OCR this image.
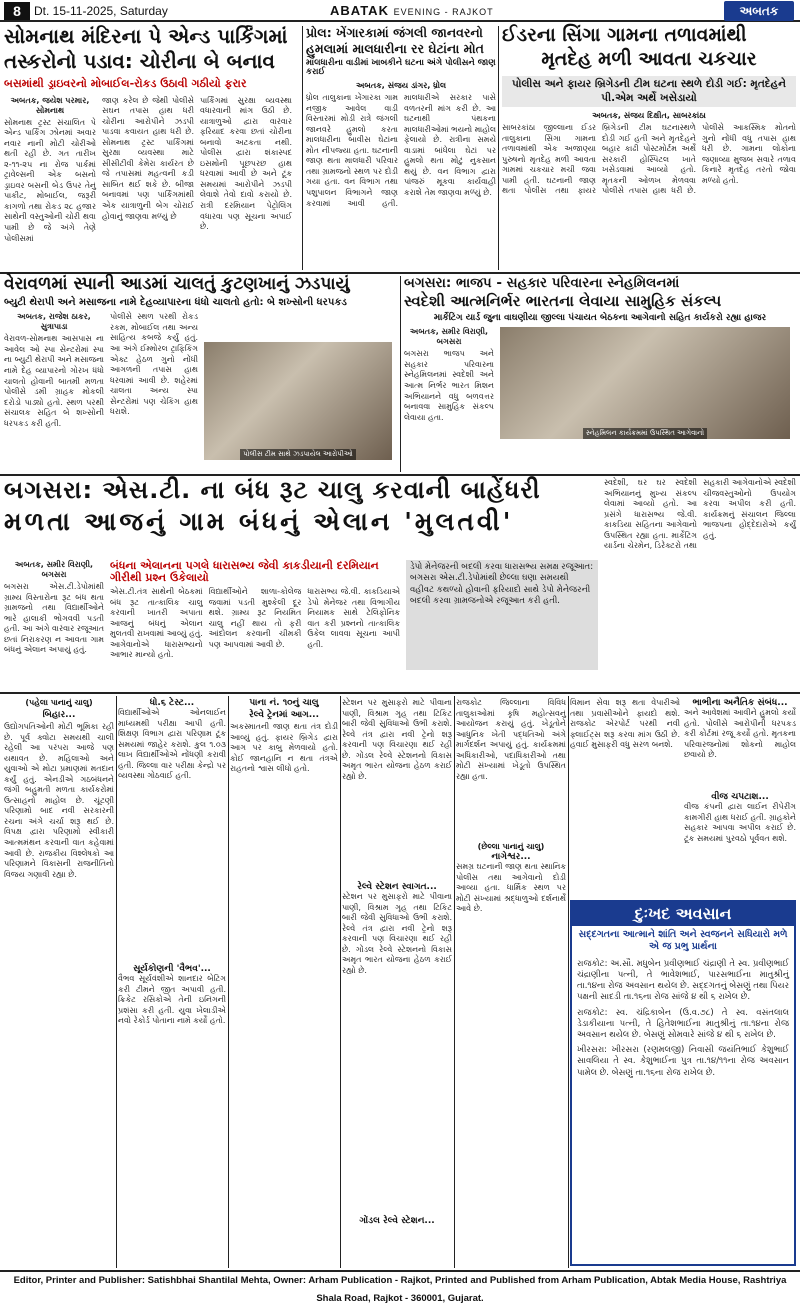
8	Dt. 15-11-2025, Saturday	ABATAK EVENING - RAJKOT	અબતક
સોમનાથ મંદિરના પે એન્ડ પાર્કિંગમાં
તસ્કરોનો પડાવ: ચોરીના બે બનાવ
બસમાંથી ડ્રાઇવરનો મોબાઈલ-રોકડ ઉઠાવી ગઠીયો ફરાર
અબતક, જયેશ પરમાર, સોમનાથ
સોમનાથ ટ્રસ્ટ સંચાલિત પે એન્ડ પાર્કિંગ ઝોનમાં અવાર નવાર નાની મોટી ચોરીઓ થતી રહી છે. ગત તારીખ ૨-૧૧-૨૫ ના રોજ પાર્કમાં ટ્રાવેલ્સની એક બસનો ડ્રાઇવર બસની બેડ ઉપર તેનું પાકીટ, મોબાઈલ, જરૂરી કાગળો તથા રોકડ ૨૮ હજાર સાથેની વસ્તુઓની ચોરી થવા પામી છે જે અંગે તેણે પોલીસમાં
જાણ કરેલ છે જેથી પોલીસે સઘન તપાસ હાથ ધરી ચોરીના આરોપીને ઝડપી પાડવા કવાયત હાથ ધરી છે. સોમનાથ ટ્રસ્ટ પાર્કિંગમાં સુરક્ષા વ્યવસ્થા માટે સીસીટીવી કેમેરા કાર્યરત છે જે તપાસમાં મહત્વની કડી સાબિત થઈ શકે છે. બીજા બનાવમાં પણ પાર્કિંગમાંથી એક યાત્રાળુની બેગ ચોરાઈ હોવાનું જાણવા મળ્યું છે
પાર્કિંગમાં સુરક્ષા વ્યવસ્થા વધારવાની માંગ ઉઠી છે. યાત્રાળુઓ દ્વારા વારંવાર ફરિયાદ કરવા છતાં ચોરીના બનાવો અટકતા નથી. પોલીસ દ્વારા શંકાસ્પદ ઇસમોની પૂછપરછ હાથ ધરવામાં આવી છે અને ટૂંક સમયમાં આરોપીને ઝડપી લેવાશે તેવો દાવો કરાયો છે. રાત્રી દરમિયાન પેટ્રોલિંગ વધારવા પણ સૂચના અપાઈ છે.
પ્રોલ: ખેંગારકામાં જંગલી જાનવરનો
હુમલામાં માલધારીના રર ઘેટાંના મોત
માલધારીના વાડીમાં ખાબકીને ઘટના અંગે પોલીસને જાણ કરાઈ
અબતક, સંજય ડાંગર, ધ્રોલ
ધ્રોલ તાલુકાના ખેંગારકા ગામ નજીક આવેલ વાડી વિસ્તારમાં મોડી રાત્રે જંગલી જાનવરે હુમલો કરતા માલધારીના બાવીસ ઘેટાંના મોત નીપજ્યા હતા. ઘટનાની જાણ થતા માલધારી પરિવાર તથા ગ્રામજનો સ્થળ પર દોડી ગયા હતા. વન વિભાગ તથા પશુપાલન વિભાગને જાણ કરવામાં આવી હતી. માલધારીએ સરકાર પાસે વળતરની માંગ કરી છે. આ ઘટનાથી પંથકના માલધારીઓમાં ભયનો માહોલ ફેલાયો છે. રાત્રીના સમયે વાડામાં બાંધેલા ઘેટાં પર હુમલો થતા મોટું નુકસાન થયું છે. વન વિભાગ દ્વારા પાંજરું મૂકવા કાર્યવાહી કરાશે તેમ જાણવા મળ્યું છે.
ઈડરના સિંગા ગામના તળાવમાંથી
મૃતદેહ મળી આવતા ચકચાર
પોલીસ અને ફાયર બ્રિગેડની ટીમ ઘટના સ્થળે દોડી ગઈ: મૃતદેહને પી.એમ અર્થે ખસેડાયો
અબતક, સંજય દિક્ષીત, સાબરકાંઠા
સાબરકાંઠા જીલ્લાના ઈડર તાલુકાના સિંગા ગામના તળાવમાંથી એક અજાણ્યા પુરુષનો મૃતદેહ મળી આવતા ગામમાં ચકચાર મચી જવા પામી હતી. ઘટનાની જાણ થતા પોલીસ તથા ફાયર બ્રિગેડની ટીમ ઘટનાસ્થળે દોડી ગઈ હતી અને મૃતદેહને બહાર કાઢી પોસ્ટમોર્ટમ અર્થે સરકારી હોસ્પિટલ ખાતે ખસેડવામાં આવ્યો હતો. મૃતકની ઓળખ મેળવવા પોલીસે તપાસ હાથ ધરી છે. પોલીસે આકસ્મિક મોતનો ગુનો નોંધી વધુ તપાસ હાથ ધરી છે. ગામના લોકોના જણાવ્યા મુજબ સવારે તળાવ કિનારે મૃતદેહ તરતો જોવા મળ્યો હતો.
વેરાવળમાં સ્પાની આડમાં ચાલતું કુટણખાનું ઝડપાયું
બ્યુટી થેરાપી અને મસાજના નામે દેહવ્યાપારના ધંધો ચાલતો હતો: બે શખ્સોની ધરપકડ
અબતક, રાજેશ ઠાકર, સુત્રાપાડા
વેરાવળ-સોમનાથ આસપાસ ના આવેલ ઓ સ્પા સેન્ટરોમાં સ્પા ના બ્યુટી થેરાપી અને મસાજના નામે દેહ વ્યાપારનો ગોરખ ધંધો ચાલતો હોવાની બાતમી મળતા પોલીસે ડમી ગ્રાહક મોકલી દરોડો પાડ્યો હતો. સ્થળ પરથી સંચાલક સહિત બે શખ્સોની ધરપકડ કરી હતી.
પોલીસે સ્થળ પરથી રોકડ રકમ, મોબાઈલ તથા અન્ય સાહિત્ય કબજે કર્યું હતું. આ અંગે ઈમ્મોરલ ટ્રાફિકિંગ એક્ટ હેઠળ ગુનો નોંધી આગળની તપાસ હાથ ધરવામાં આવી છે. શહેરમાં ચાલતા અન્ય સ્પા સેન્ટરોમાં પણ ચેકિંગ હાથ ધરાશે.
પોલીસ ટીમ સાથે ઝડપાયેલ આરોપીઓ
બગસરા: ભાજપ - સહકાર પરિવારના સ્નેહમિલનમાં
સ્વદેશી આત્મનિર્ભર ભારતના લેવાયા સામુહિક સંકલ્પ
માર્કેટિંગ યાર્ડ જુના વાઘણીયા જીલ્લા પંચાયત બેઠકના આગેવાનો સહિત કાર્યકરો રહ્યા હાજર
અબતક, સમીર વિરાણી, બગસરા
બગસરા ભાજપ અને સહકાર પરિવારના સ્નેહમિલનમાં સ્વદેશી અને આત્મ નિર્ભર ભારત મિશન અભિયાનને વધુ બળવત્તર બનાવવા સામુહિક સંકલ્પ લેવાયા હતા.
સ્નેહમિલન કાર્યક્રમમાં ઉપસ્થિત આગેવાનો
બગસરા: એસ.ટી. ના બંધ રૂટ ચાલુ કરવાની બાહેંધરી
મળતા આજનું ગામ બંધનું એલાન 'મુલતવી'
સ્વદેશી, ઘર ઘર સ્વદેશી અભિયાનનું મુખ્ય સંકલ્પ લેવામાં આવ્યો હતો. આ પ્રસંગે ધારાસભ્ય જે.વી. કાકડિયા સહિતના આગેવાનો ઉપસ્થિત રહ્યા હતા. માર્કેટિંગ યાર્ડના ચેરમેન, ડિરેક્ટરો તથા સહકારી આગેવાનોએ સ્વદેશી ચીજવસ્તુઓનો ઉપયોગ કરવા અપીલ કરી હતી. કાર્યક્રમનું સંચાલન જિલ્લા ભાજપના હોદ્દેદારોએ કર્યું હતું.
અબતક, સમીર વિરાણી, બગસરા
બગસરા એસ.ટી.ડેપોમાંથી ગ્રામ્ય વિસ્તારોના રૂટ બંધ થતા ગ્રામજનો તથા વિદ્યાર્થીઓને ભારે હાલાકી ભોગવવી પડતી હતી. આ અંગે વારંવાર રજૂઆત છતાં નિરાકરણ ન આવતા ગામ બંધનું એલાન અપાયું હતું.
બંધના એલાનના પગલે ધારાસભ્ય જેવી કાકડીયાની દરમિયાન ગીરીથી પ્રશ્ન ઉકેલાયો
એસ.ટી.તંત્ર સાથેની બેઠકમાં બંધ રૂટ તાત્કાલિક ચાલુ કરવાની ખાતરી અપાતા આજનું બંધનું એલાન મુલતવી રાખવામાં આવ્યું હતું. આગેવાનોએ ધારાસભ્યનો આભાર માન્યો હતો.
વિદ્યાર્થીઓને શાળા-કોલેજ જવામાં પડતી મુશ્કેલી દૂર થશે. ગ્રામ્ય રૂટ નિયમિત ચાલુ નહીં થાય તો ફરી આંદોલન કરવાની ચીમકી પણ આપવામાં આવી છે.
ધારાસભ્ય જે.વી. કાકડિયાએ ડેપો મેનેજર તથા વિભાગીય નિયામક સાથે ટેલિફોનિક વાત કરી પ્રશ્નનો તાત્કાલિક ઉકેલ લાવવા સૂચના આપી હતી.
ડેપો મેનેજરની બદલી કરવા ધારાસભ્ય સમક્ષ રજૂઆત: બગસરા એસ.ટી.ડેપોમાંથી છેલ્લા ઘણા સમયથી વહીવટ કથળ્યો હોવાની ફરિયાદો સાથે ડેપો મેનેજરની બદલી કરવા ગ્રામજનોએ રજૂઆત કરી હતી.
(પહેલા પાનાનું ચાલુ)
બિહાર...
ઉદ્યોગપતિઓની મોટી ભૂમિકા રહી છે. પૂર્વ ક્વોટા સમયથી ચાલી રહેલી આ પરંપરા આજે પણ યથાવત છે. મહિલાઓ અને યુવાઓ એ મોટા પ્રમાણમાં મતદાન કર્યું હતું. એનડીએ ગઠબંધનને જંગી બહુમતી મળતા કાર્યકરોમાં ઉત્સાહનો માહોલ છે. ચૂંટણી પરિણામો બાદ નવી સરકારની રચના અંગે ચર્ચા શરૂ થઈ છે. વિપક્ષ દ્વારા પરિણામો સ્વીકારી આત્મમંથન કરવાની વાત કહેવામાં આવી છે. રાજકીય વિશ્લેષકો આ પરિણામને વિકાસની રાજનીતિનો વિજય ગણાવી રહ્યા છે.
ધો.૬ ટેસ્ટ...
વિદ્યાર્થીઓએ ઓનલાઈન માધ્યમથી પરીક્ષા આપી હતી. શિક્ષણ વિભાગ દ્વારા પરિણામ ટૂંક સમયમાં જાહેર કરાશે. કુલ ૧.૦૩ લાખ વિદ્યાર્થીઓએ નોંધણી કરાવી હતી. જિલ્લા વાર પરીક્ષા કેન્દ્રો પર વ્યવસ્થા ગોઠવાઈ હતી.
સૂર્યકોણની 'વૈભવ'...
વૈભવ સૂર્યવંશીએ શાનદાર બેટિંગ કરી ટીમને જીત અપાવી હતી. ક્રિકેટ રસિકોએ તેની ઇનિંગની પ્રશંસા કરી હતી. યુવા ખેલાડીએ નવો રેકોર્ડ પોતાના નામે કર્યો હતો.
પાના નં. ૧૦નું ચાલુ
રેલ્વે ટ્રેનમાં આગ...
અકસ્માતની જાણ થતા તંત્ર દોડી આવ્યું હતું. ફાયર બ્રિગેડ દ્વારા આગ પર કાબુ મેળવાયો હતો. કોઈ જાનહાનિ ન થતા તંત્રએ રાહતનો શ્વાસ લીધો હતો.
સ્ટેશન પર મુસાફરો માટે પીવાના પાણી, વિશ્રામ ગૃહ તથા ટિકિટ બારી જેવી સુવિધાઓ ઉભી કરાશે. રેલ્વે તંત્ર દ્વારા નવી ટ્રેનો શરૂ કરવાની પણ વિચારણા થઈ રહી છે. ગોંડલ રેલ્વે સ્ટેશનનો વિકાસ અમૃત ભારત યોજના હેઠળ કરાઈ રહ્યો છે.
રેલ્વે સ્ટેશન સ્વાગત...
સ્ટેશન પર મુસાફરો માટે પીવાના પાણી, વિશ્રામ ગૃહ તથા ટિકિટ બારી જેવી સુવિધાઓ ઉભી કરાશે. રેલ્વે તંત્ર દ્વારા નવી ટ્રેનો શરૂ કરવાની પણ વિચારણા થઈ રહી છે. ગોંડલ રેલ્વે સ્ટેશનનો વિકાસ અમૃત ભારત યોજના હેઠળ કરાઈ રહ્યો છે.
ગોંડલ રેલ્વે સ્ટેશન...
રાજકોટ જિલ્લાના વિવિધ તાલુકાઓમાં કૃષિ મહોત્સવનું આયોજન કરાયું હતું. ખેડૂતોને આધુનિક ખેતી પદ્ધતિઓ અંગે માર્ગદર્શન અપાયું હતું. કાર્યક્રમમાં અધિકારીઓ, પદાધિકારીઓ તથા મોટી સંખ્યામાં ખેડૂતો ઉપસ્થિત રહ્યા હતા.
(છેલ્લા પાનાનું ચાલુ)
નાગેશ્વર...
સમગ્ર ઘટનાની જાણ થતા સ્થાનિક પોલીસ તથા આગેવાનો દોડી આવ્યા હતા. ધાર્મિક સ્થળ પર મોટી સંખ્યામાં શ્રદ્ધાળુઓ દર્શનાર્થે આવે છે.
વિમાન સેવા શરૂ થતા વેપારીઓ તથા પ્રવાસીઓને ફાયદો થશે. રાજકોટ એરપોર્ટ પરથી નવી ફ્લાઈટ્સ શરૂ કરવા માંગ ઉઠી છે. હવાઈ મુસાફરી વધુ સરળ બનશે.
ભાભીના અનૈતિક સંબંધ...
અને આવેશમાં આવીને હુમલો કર્યો હતો. પોલીસે આરોપીની ધરપકડ કરી કોર્ટમાં રજૂ કર્યો હતો. મૃતકના પરિવારજનોમાં શોકનો માહોલ છવાયો છે.
વીજ ચપટાશ...
વીજ કંપની દ્વારા લાઈન રીપેરીંગ કામગીરી હાથ ધરાઈ હતી. ગ્રાહકોને સહકાર આપવા અપીલ કરાઈ છે. ટૂંક સમયમાં પુરવઠો પૂર્વવત થશે.
દુઃખદ અવસાન
સદ્દગતના આત્માને શાંતિ અને સ્વજનને સધિયારો મળે એ જ પ્રભુ પ્રાર્થના

રાજકોટ: અ.સૌ. મધુબેન પ્રવીણભાઈ ચંદ્રાણી તે સ્વ. પ્રવીણભાઈ ચંદ્રાણીના પત્ની, તે ભાવેશભાઈ, પારસભાઈના માતુશ્રીનું તા.૧૪ના રોજ અવસાન થયેલ છે. સદ્દગતનું બેસણું તથા પિયર પક્ષની સાદડી તા.૧૬ના રોજ સાંજે ૪ થી ૬ રાખેલ છે.

રાજકોટ: સ્વ. ચંદ્રિકાબેન (ઉ.વ.૭૮) તે સ્વ. વસંતલાલ ડેડાકીયાના પત્ની, તે હિતેશભાઈના માતુશ્રીનું તા.૧૪ના રોજ અવસાન થયેલ છે. બેસણું સોમવારે સાંજે ૪ થી ૬ રાખેલ છે.

ખીરસરા: ખીરસરા (રણમલજી) નિવાસી જયંતિભાઈ કેશુભાઈ સાવલિયા તે સ્વ. કેશુભાઈના પુત્ર તા.૧૪/૧૧ના રોજ અવસાન પામેલ છે. બેસણું તા.૧૬ના રોજ રાખેલ છે.

Editor, Printer and Publisher: Satishbhai Shantilal Mehta, Owner: Arham Publication - Rajkot, Printed and Published from Arham Publication, Abtak Media House, Rashtriya Shala Road, Rajkot - 360001, Gujarat.
